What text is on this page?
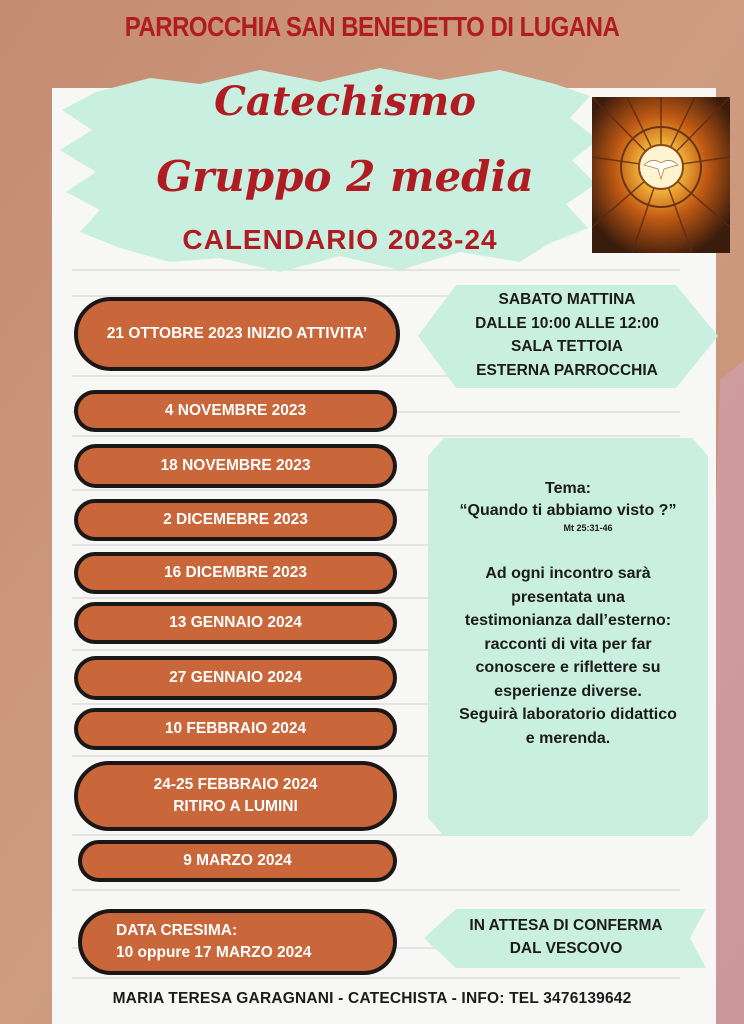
PARROCCHIA SAN BENEDETTO DI LUGANA
Catechismo
Gruppo 2 media
CALENDARIO 2023-24
SABATO MATTINA
DALLE 10:00 ALLE 12:00
SALA TETTOIA
ESTERNA PARROCCHIA
21 OTTOBRE 2023 INIZIO ATTIVITA’
4 NOVEMBRE 2023
18 NOVEMBRE 2023
2 DICEMEBRE 2023
16 DICEMBRE 2023
13 GENNAIO 2024
27 GENNAIO 2024
10 FEBBRAIO 2024
24-25 FEBBRAIO 2024
RITIRO A LUMINI
9 MARZO 2024
DATA CRESIMA:
10 oppure 17 MARZO 2024
Tema:
“Quando ti abbiamo visto ?”
Mt 25:31-46
Ad ogni incontro sarà
presentata una
testimonianza dall’esterno:
racconti di vita per far
conoscere e riflettere su
esperienze diverse.
Seguirà laboratorio didattico
e merenda.
IN ATTESA DI CONFERMA
DAL VESCOVO
MARIA TERESA GARAGNANI - CATECHISTA - INFO: TEL 3476139642
